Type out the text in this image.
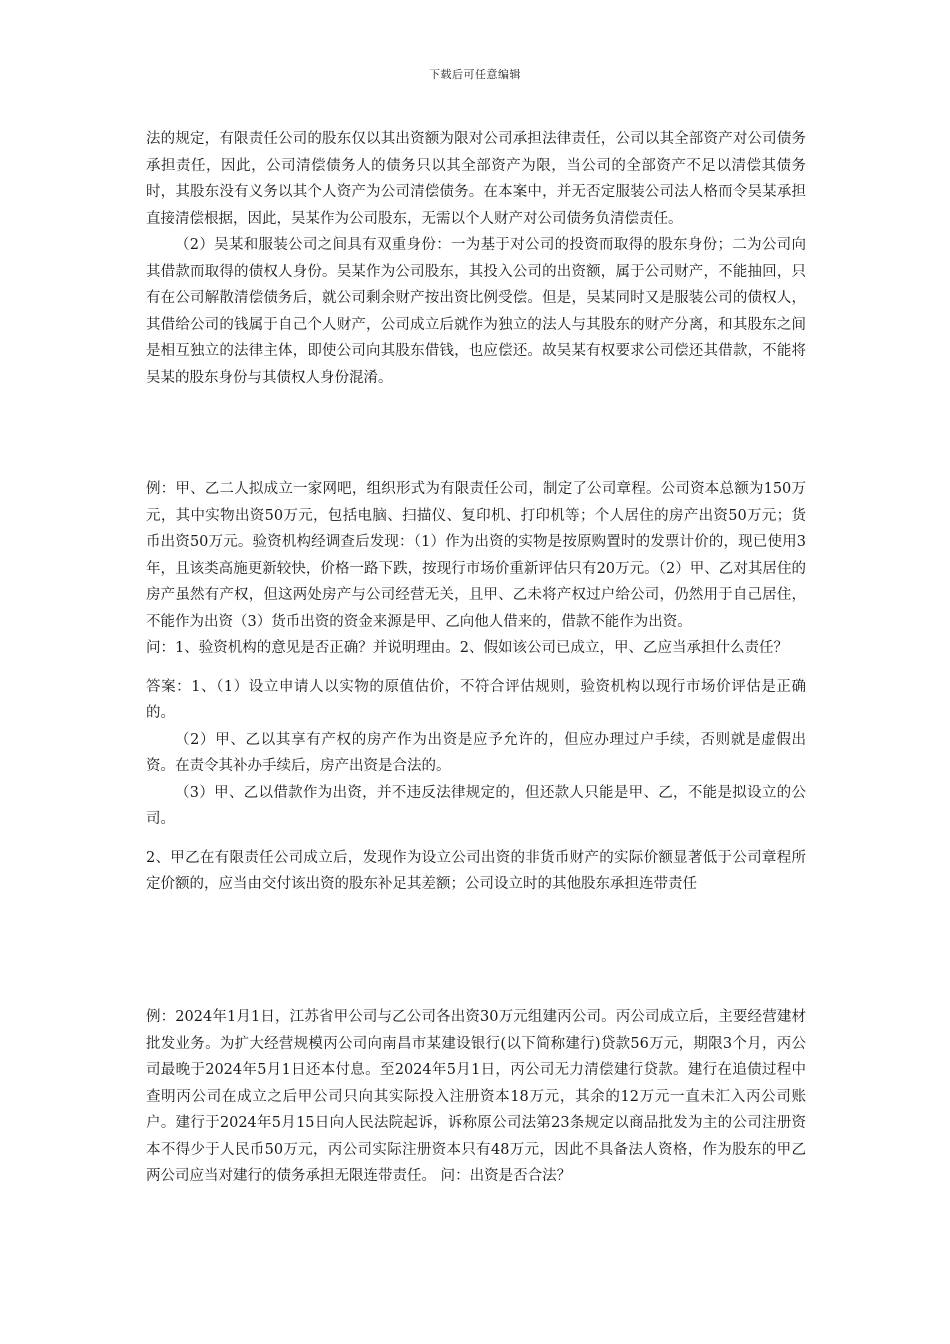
下载后可任意编辑

法的规定，有限责任公司的股东仅以其出资额为限对公司承担法律责任，公司以其全部资产对公司债务承担责任，因此，公司清偿债务人的债务只以其全部资产为限，当公司的全部资产不足以清偿其债务时，其股东没有义务以其个人资产为公司清偿债务。在本案中，并无否定服装公司法人格而令吴某承担直接清偿根据，因此，吴某作为公司股东，无需以个人财产对公司债务负清偿责任。

（2）吴某和服装公司之间具有双重身份：一为基于对公司的投资而取得的股东身份；二为公司向其借款而取得的债权人身份。吴某作为公司股东，其投入公司的出资额，属于公司财产，不能抽回，只有在公司解散清偿债务后，就公司剩余财产按出资比例受偿。但是，吴某同时又是服装公司的债权人，其借给公司的钱属于自己个人财产，公司成立后就作为独立的法人与其股东的财产分离，和其股东之间是相互独立的法律主体，即使公司向其股东借钱，也应偿还。故吴某有权要求公司偿还其借款，不能将吴某的股东身份与其债权人身份混淆。

例：甲、乙二人拟成立一家网吧，组织形式为有限责任公司，制定了公司章程。公司资本总额为150万元，其中实物出资50万元，包括电脑、扫描仪、复印机、打印机等；个人居住的房产出资50万元；货币出资50万元。验资机构经调查后发现：（1）作为出资的实物是按原购置时的发票计价的，现已使用3年，且该类高施更新较快，价格一路下跌，按现行市场价重新评估只有20万元。（2）甲、乙对其居住的房产虽然有产权，但这两处房产与公司经营无关，且甲、乙未将产权过户给公司，仍然用于自己居住，不能作为出资（3）货币出资的资金来源是甲、乙向他人借来的，借款不能作为出资。

问：1、验资机构的意见是否正确？并说明理由。2、假如该公司已成立，甲、乙应当承担什么责任？

答案：1、（1）设立申请人以实物的原值估价，不符合评估规则，验资机构以现行市场价评估是正确的。

（2）甲、乙以其享有产权的房产作为出资是应予允许的，但应办理过户手续，否则就是虚假出资。在责令其补办手续后，房产出资是合法的。

（3）甲、乙以借款作为出资，并不违反法律规定的，但还款人只能是甲、乙，不能是拟设立的公司。

2、甲乙在有限责任公司成立后，发现作为设立公司出资的非货币财产的实际价额显著低于公司章程所定价额的，应当由交付该出资的股东补足其差额；公司设立时的其他股东承担连带责任

例：2024年1月1日，江苏省甲公司与乙公司各出资30万元组建丙公司。丙公司成立后，主要经营建材批发业务。为扩大经营规模丙公司向南昌市某建设银行(以下简称建行)贷款56万元，期限3个月，丙公司最晚于2024年5月1日还本付息。至2024年5月1日，丙公司无力清偿建行贷款。建行在追债过程中查明丙公司在成立之后甲公司只向其实际投入注册资本18万元，其余的12万元一直未汇入丙公司账户。建行于2024年5月15日向人民法院起诉，诉称原公司法第23条规定以商品批发为主的公司注册资本不得少于人民币50万元，丙公司实际注册资本只有48万元，因此不具备法人资格，作为股东的甲乙两公司应当对建行的债务承担无限连带责任。 问：出资是否合法？
